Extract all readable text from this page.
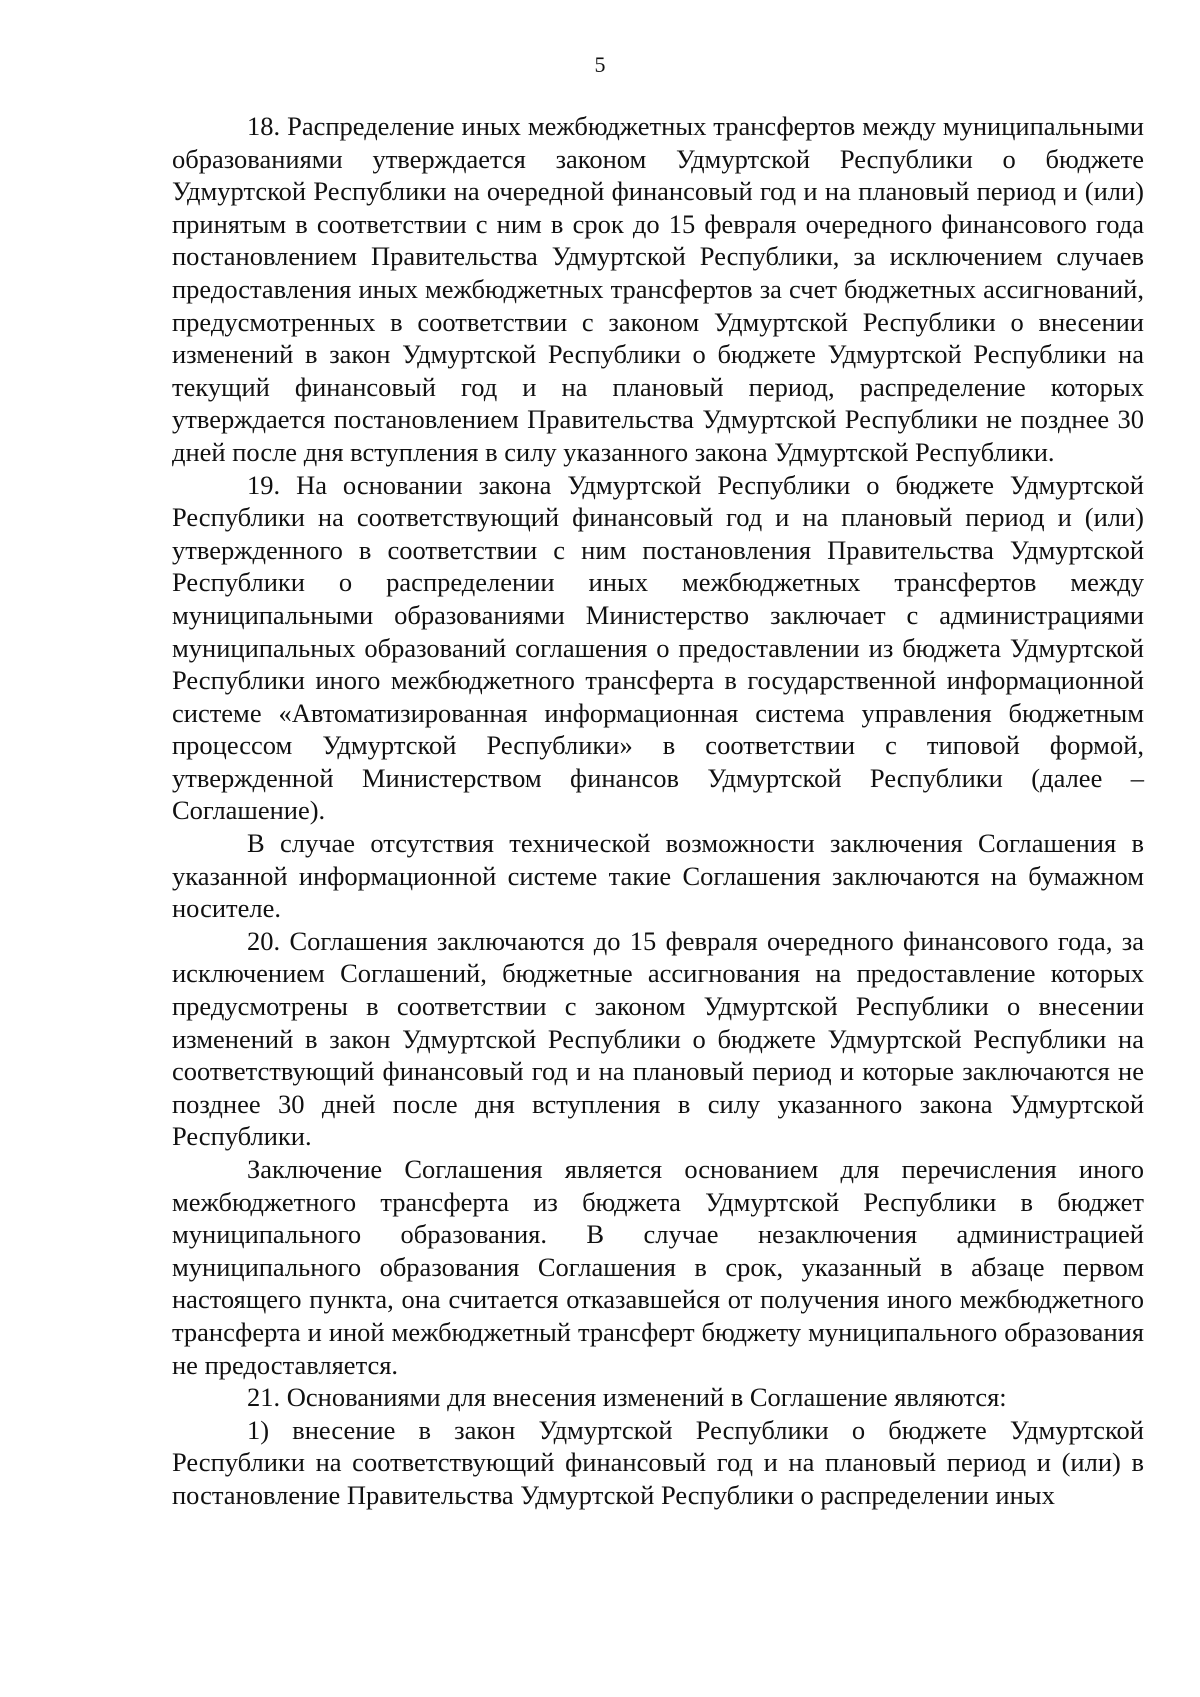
5

18. Распределение иных межбюджетных трансфертов между муниципальными образованиями утверждается законом Удмуртской Республики о бюджете Удмуртской Республики на очередной финансовый год и на плановый период и (или) принятым в соответствии с ним в срок до 15 февраля очередного финансового года постановлением Правительства Удмуртской Республики, за исключением случаев предоставления иных межбюджетных трансфертов за счет бюджетных ассигнований, предусмотренных в соответствии с законом Удмуртской Республики о внесении изменений в закон Удмуртской Республики о бюджете Удмуртской Республики на текущий финансовый год и на плановый период, распределение которых утверждается постановлением Правительства Удмуртской Республики не позднее 30 дней после дня вступления в силу указанного закона Удмуртской Республики.

19. На основании закона Удмуртской Республики о бюджете Удмуртской Республики на соответствующий финансовый год и на плановый период и (или) утвержденного в соответствии с ним постановления Правительства Удмуртской Республики о распределении иных межбюджетных трансфертов между муниципальными образованиями Министерство заключает с администрациями муниципальных образований соглашения о предоставлении из бюджета Удмуртской Республики иного межбюджетного трансферта в государственной информационной системе «Автоматизированная информационная система управления бюджетным процессом Удмуртской Республики» в соответствии с типовой формой, утвержденной Министерством финансов Удмуртской Республики (далее – Соглашение).

В случае отсутствия технической возможности заключения Соглашения в указанной информационной системе такие Соглашения заключаются на бумажном носителе.

20. Соглашения заключаются до 15 февраля очередного финансового года, за исключением Соглашений, бюджетные ассигнования на предоставление которых предусмотрены в соответствии с законом Удмуртской Республики о внесении изменений в закон Удмуртской Республики о бюджете Удмуртской Республики на соответствующий финансовый год и на плановый период и которые заключаются не позднее 30 дней после дня вступления в силу указанного закона Удмуртской Республики.

Заключение Соглашения является основанием для перечисления иного межбюджетного трансферта из бюджета Удмуртской Республики в бюджет муниципального образования. В случае незаключения администрацией муниципального образования Соглашения в срок, указанный в абзаце первом настоящего пункта, она считается отказавшейся от получения иного межбюджетного трансферта и иной межбюджетный трансферт бюджету муниципального образования не предоставляется.

21. Основаниями для внесения изменений в Соглашение являются:

1) внесение в закон Удмуртской Республики о бюджете Удмуртской Республики на соответствующий финансовый год и на плановый период и (или) в постановление Правительства Удмуртской Республики о распределении иных
